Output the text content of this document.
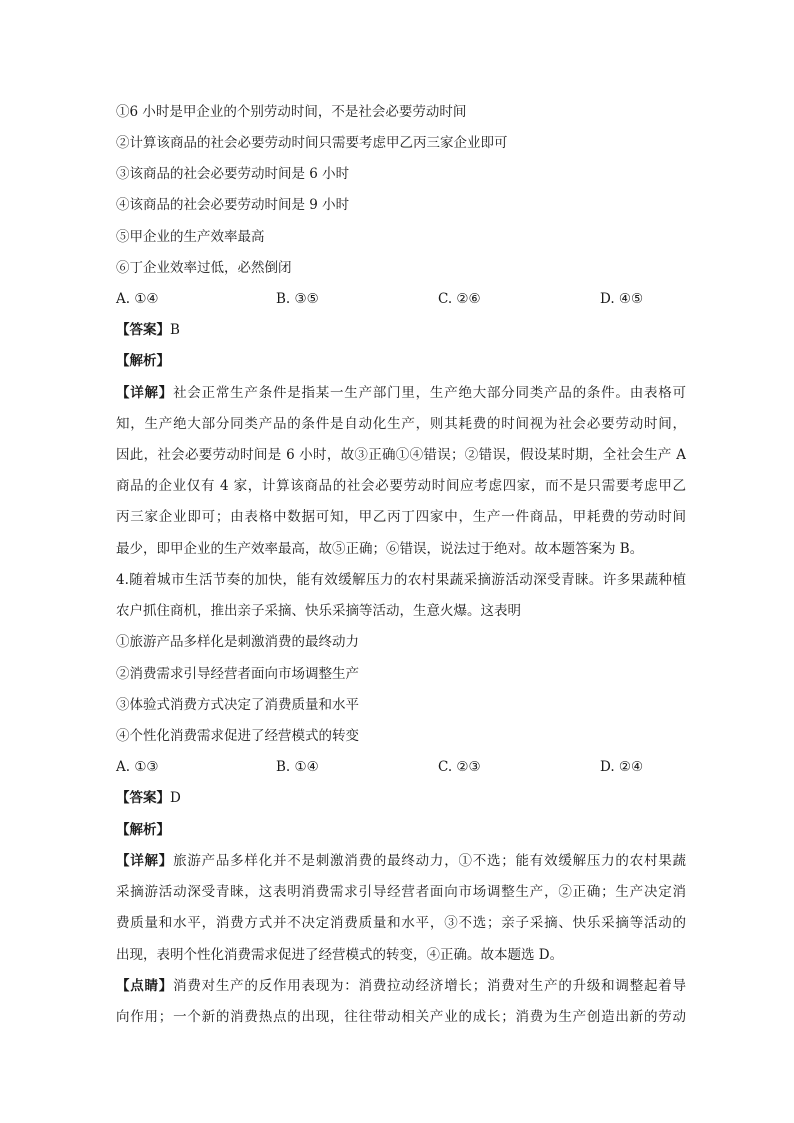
①6 小时是甲企业的个别劳动时间，不是社会必要劳动时间
②计算该商品的社会必要劳动时间只需要考虑甲乙丙三家企业即可
③该商品的社会必要劳动时间是 6 小时
④该商品的社会必要劳动时间是 9 小时
⑤甲企业的生产效率最高
⑥丁企业效率过低，必然倒闭
A. ①④	B. ③⑤	C. ②⑥	D. ④⑤
【答案】B
【解析】
【详解】社会正常生产条件是指某一生产部门里，生产绝大部分同类产品的条件。由表格可
知，生产绝大部分同类产品的条件是自动化生产，则其耗费的时间视为社会必要劳动时间，
因此，社会必要劳动时间是 6 小时，故③正确①④错误；②错误，假设某时期，全社会生产 A
商品的企业仅有 4 家，计算该商品的社会必要劳动时间应考虑四家，而不是只需要考虑甲乙
丙三家企业即可；由表格中数据可知，甲乙丙丁四家中，生产一件商品，甲耗费的劳动时间
最少，即甲企业的生产效率最高，故⑤正确；⑥错误，说法过于绝对。故本题答案为 B。
4.随着城市生活节奏的加快，能有效缓解压力的农村果蔬采摘游活动深受青睐。许多果蔬种植
农户抓住商机，推出亲子采摘、快乐采摘等活动，生意火爆。这表明
①旅游产品多样化是刺激消费的最终动力
②消费需求引导经营者面向市场调整生产
③体验式消费方式决定了消费质量和水平
④个性化消费需求促进了经营模式的转变
A. ①③	B. ①④	C. ②③	D. ②④
【答案】D
【解析】
【详解】旅游产品多样化并不是刺激消费的最终动力，①不选；能有效缓解压力的农村果蔬
采摘游活动深受青睐，这表明消费需求引导经营者面向市场调整生产，②正确；生产决定消
费质量和水平，消费方式并不决定消费质量和水平，③不选；亲子采摘、快乐采摘等活动的
出现，表明个性化消费需求促进了经营模式的转变，④正确。故本题选 D。
【点睛】消费对生产的反作用表现为：消费拉动经济增长；消费对生产的升级和调整起着导
向作用；一个新的消费热点的出现，往往带动相关产业的成长；消费为生产创造出新的劳动
